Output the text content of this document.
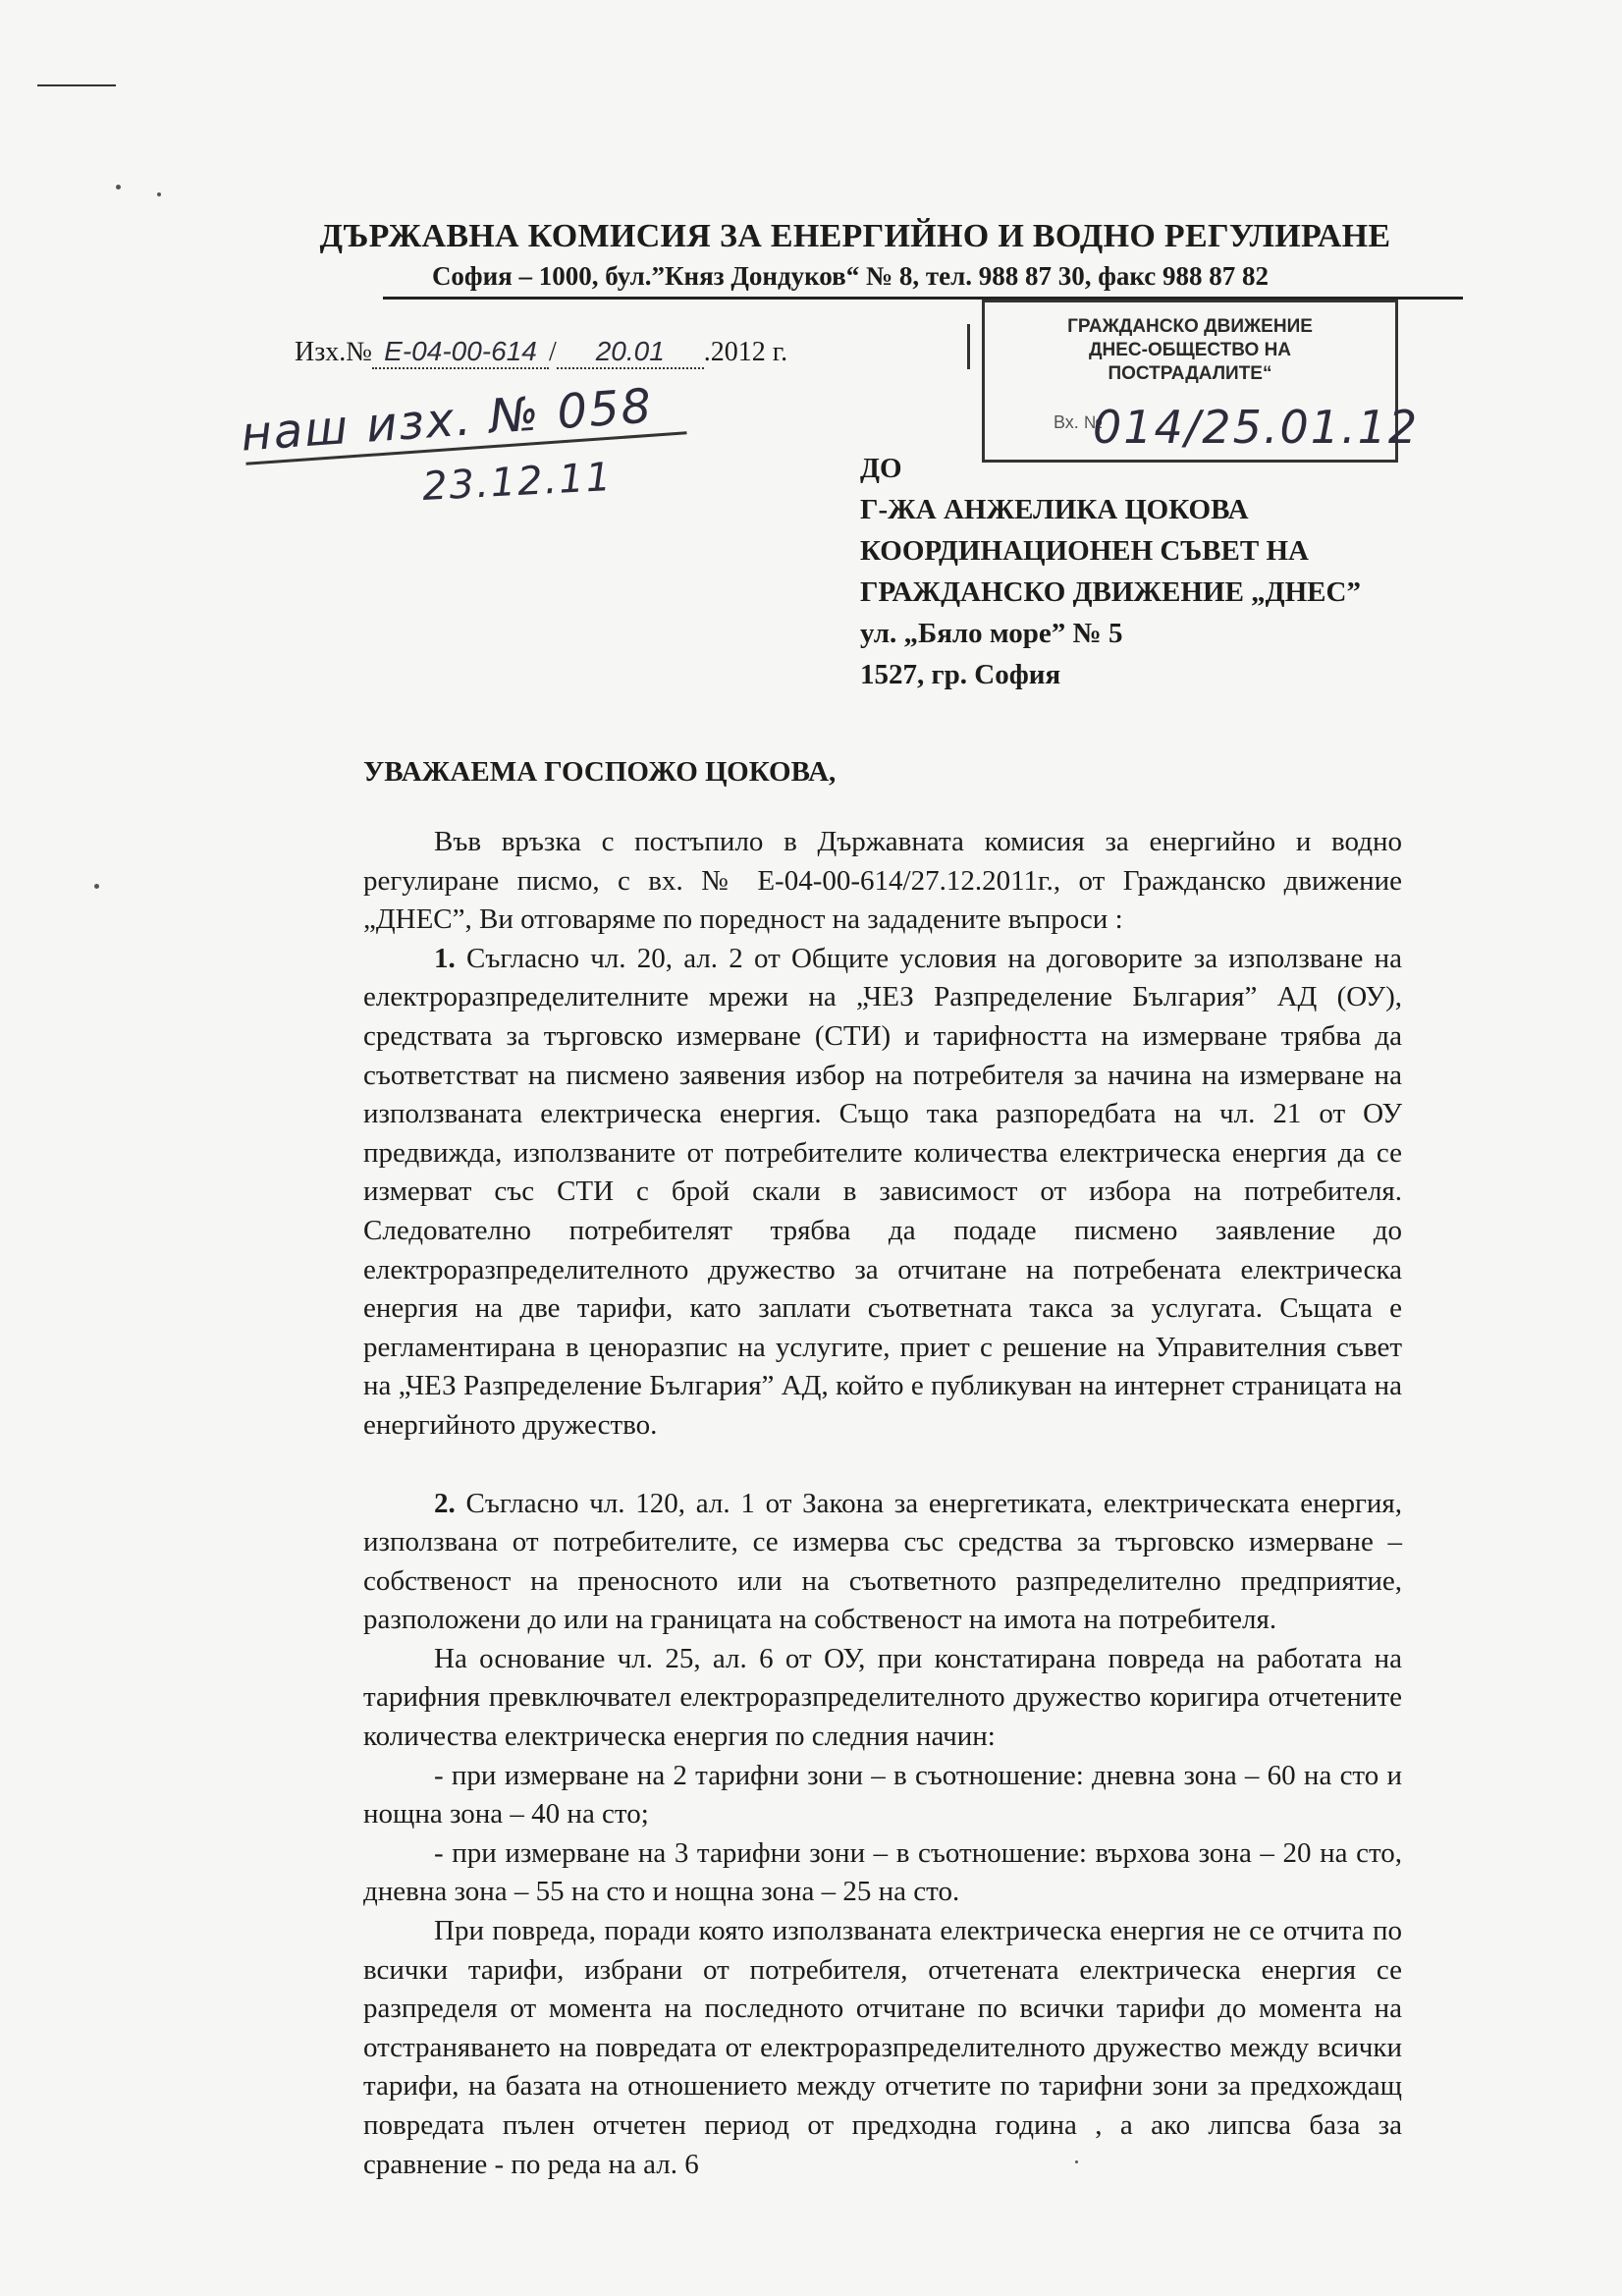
ДЪРЖАВНА КОМИСИЯ ЗА ЕНЕРГИЙНО И ВОДНО РЕГУЛИРАНЕ
София – 1000, бул.”Княз Дондуков“ № 8, тел. 988 87 30, факс 988 87 82
Изх.№ Е-04-00-614 / 20.01 .2012 г.
наш изх. № 058
23.12.11
ГРАЖДАНСКО ДВИЖЕНИЕ
ДНЕС-ОБЩЕСТВО НА
ПОСТРАДАЛИТЕ“
Вх. №
014/25.01.12
ДО
Г-ЖА АНЖЕЛИКА ЦОКОВА
КООРДИНАЦИОНЕН СЪВЕТ НА
ГРАЖДАНСКО ДВИЖЕНИЕ „ДНЕС”
ул. „Бяло море” № 5
1527, гр. София
УВАЖАЕМА ГОСПОЖО ЦОКОВА,

Във връзка с постъпило в Държавната комисия за енергийно и водно регулиране писмо, с вх. № Е-04-00-614/27.12.2011г., от Гражданско движение „ДНЕС”, Ви отговаряме по поредност на зададените въпроси :

1. Съгласно чл. 20, ал. 2 от Общите условия на договорите за използване на електроразпределителните мрежи на „ЧЕЗ Разпределение България” АД (ОУ), средствата за търговско измерване (СТИ) и тарифността на измерване трябва да съответстват на писмено заявения избор на потребителя за начина на измерване на използваната електрическа енергия. Също така разпоредбата на чл. 21 от ОУ предвижда, използваните от потребителите количества електрическа енергия да се измерват със СТИ с брой скали в зависимост от избора на потребителя. Следователно потребителят трябва да подаде писмено заявление до електроразпределителното дружество за отчитане на потребената електрическа енергия на две тарифи, като заплати съответната такса за услугата. Същата е регламентирана в ценоразпис на услугите, приет с решение на Управителния съвет на „ЧЕЗ Разпределение България” АД, който е публикуван на интернет страницата на енергийното дружество.

2. Съгласно чл. 120, ал. 1 от Закона за енергетиката, електрическата енергия, използвана от потребителите, се измерва със средства за търговско измерване – собственост на преносното или на съответното разпределително предприятие, разположени до или на границата на собственост на имота на потребителя.

На основание чл. 25, ал. 6 от ОУ, при констатирана повреда на работата на тарифния превключвател електроразпределителното дружество коригира отчетените количества електрическа енергия по следния начин:

- при измерване на 2 тарифни зони – в съотношение: дневна зона – 60 на сто и нощна зона – 40 на сто;

- при измерване на 3 тарифни зони – в съотношение: върхова зона – 20 на сто, дневна зона – 55 на сто и нощна зона – 25 на сто.

При повреда, поради която използваната електрическа енергия не се отчита по всички тарифи, избрани от потребителя, отчетената електрическа енергия се разпределя от момента на последното отчитане по всички тарифи до момента на отстраняването на повредата от електроразпределителното дружество между всички тарифи, на базата на отношението между отчетите по тарифни зони за предхождащ повредата пълен отчетен период от предходна година , а ако липсва база за сравнение - по реда на ал. 6
